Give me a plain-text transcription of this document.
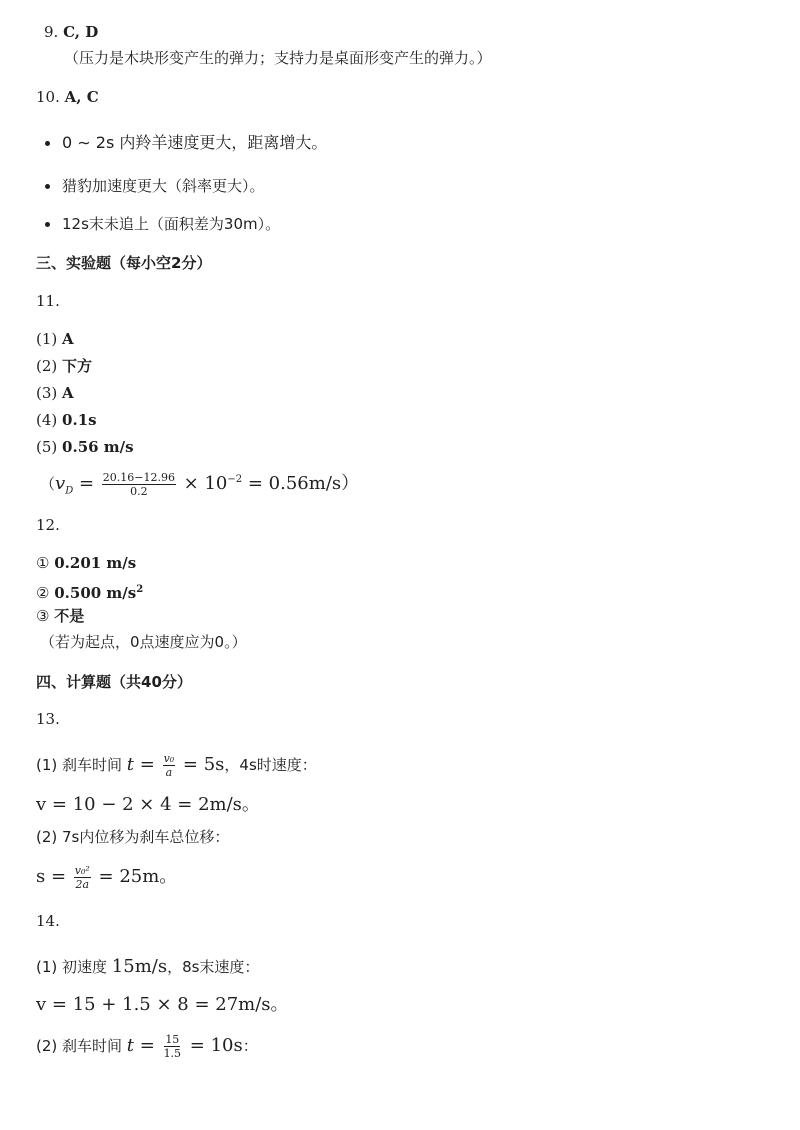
9. C, D
（压力是木块形变产生的弹力；支持力是桌面形变产生的弹力。）
10. A, C
0 ∼ 2s 内羚羊速度更大，距离增大。
猎豹加速度更大（斜率更大）。
12s末未追上（面积差为30m）。
三、实验题（每小空2分）
11.
(1) A
(2) 下方
(3) A
(4) 0.1s
(5) 0.56 m/s
$(v_D = \frac{20.16-12.96}{0.2} \times 10^{-2} = 0.56m/s)$
12.
① 0.201 m/s
② 0.500 $m/s^2$
③ 不是
（若为起点，0点速度应为0。）
四、计算题（共40分）
13.
(1) 刹车时间 $t = \frac{\text{v₀}}{a} = 5s$，4s时速度：
v = 10 − 2 × 4 = 2m/s。
(2) 7s内位移为刹车总位移：
$s = \frac{\text{v₀²}}{2a} = 25m$。
14.
(1) 初速度 15m/s，8s末速度：
v = 15 + 1.5 × 8 = 27m/s。
(2) 刹车时间 $t = \frac{15}{1.5} = 10s$：
